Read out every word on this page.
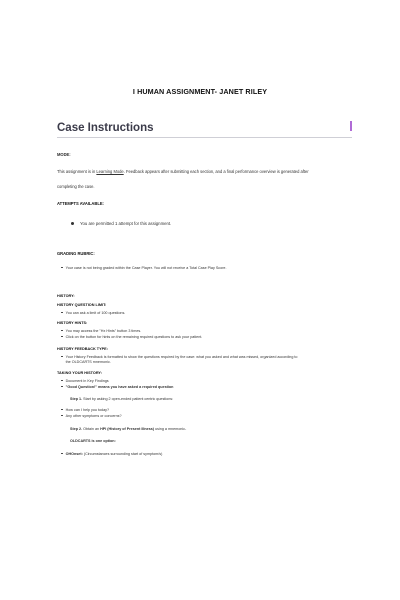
I HUMAN ASSIGNMENT- JANET RILEY
Case Instructions
MODE:
This assignment is in Learning Mode. Feedback appears after submitting each section, and a final performance overview is generated after
completing the case.
ATTEMPTS AVAILABLE:
You are permitted 1 attempt for this assignment.
GRADING RUBRIC:
Your case is not being graded within the Case Player. You will not receive a Total Case Play Score.
HISTORY:
HISTORY QUESTION LIMIT:
You can ask a limit of 100 questions.
HISTORY HINTS:
You may access the "Hx Hints" button 3 times.
Click on the button for hints on the remaining required questions to ask your patient.
HISTORY FEEDBACK TYPE:
Your History Feedback is formatted to show the questions required by the case: what you asked and what was missed, organized according to
the OLDCARTS mnemonic.
TAKING YOUR HISTORY:
Document in Key Findings
"Good Question!" means you have asked a required question
Step 1. Start by asking 2 open-ended patient centric questions:
How can I help you today?
Any other symptoms or concerns?
Step 2. Obtain an HPI (History of Present Illness) using a mnemonic-
OLDCARTS is one option:
OHOnset: (Circumstances surrounding start of symptom/s)
